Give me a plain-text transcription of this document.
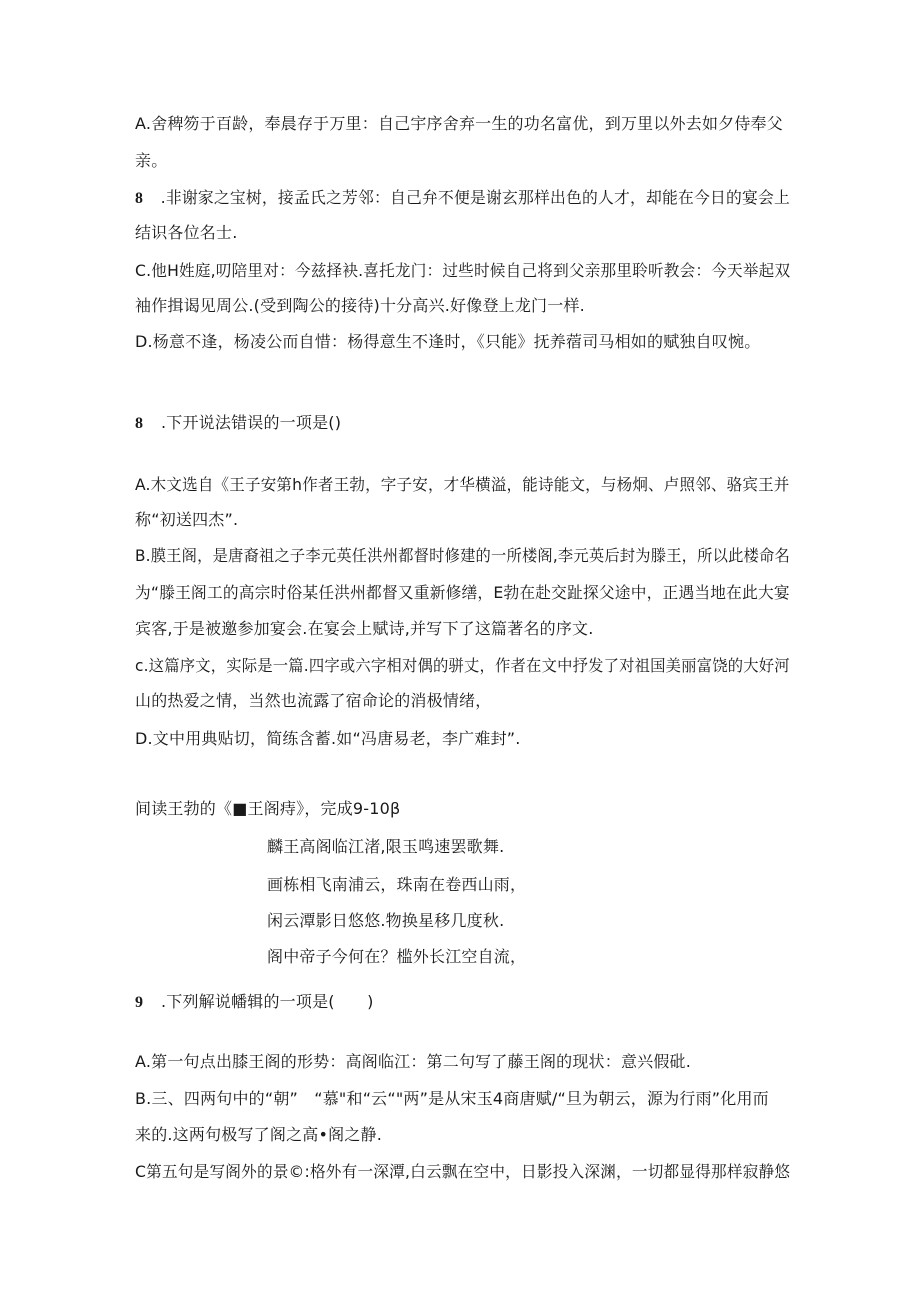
A.舍稗笏于百龄，奉晨存于万里：自己宇序舍弃一生的功名富优，到万里以外去如夕侍奉父
亲。
8 .非谢家之宝树，接孟氏之芳邻：自己弁不便是谢玄那样出色的人才，却能在今日的宴会上
结识各位名士.
C.他H姓庭,叨陪里对：今兹择袂.喜托龙门：过些时候自己将到父亲那里聆听教会：今天举起双
袖作揖谒见周公.(受到陶公的接待)十分高兴.好像登上龙门一样.
D.杨意不逢，杨凌公而自惜：杨得意生不逢时，《只能》抚养蓿司马相如的赋独自叹惋。
8 .下开说法错误的一项是()
A.木文选自《王子安第h作者王勃，字子安，才华横溢，能诗能文，与杨炯、卢照邻、骆宾王并
称“初送四杰”.
B.膜王阁，是唐裔祖之子李元英任洪州都督时修建的一所楼阁,李元英后封为滕王，所以此楼命名
为“滕王阁工的高宗时俗某任洪州都督又重新修缮，E勃在赴交趾探父途中，正遇当地在此大宴
宾客,于是被邀参加宴会.在宴会上赋诗,并写下了这篇著名的序文.
c.这篇序文，实际是一篇.四字或六字相对偶的骈丈，作者在文中抒发了对祖国美丽富饶的大好河
山的热爱之情，当然也流露了宿命论的消极情绪，
D.文中用典贴切，简练含蓄.如“冯唐易老，李广难封”.
间读王勃的《■王阁痔》，完成9-10β
麟王高阁临江渚,限玉鸣速罢歌舞.
画栋相飞南浦云，珠南在卷西山雨，
闲云潭影日悠悠.物换星移几度秋.
阁中帝子今何在？槛外长江空自流，
9 .下列解说幡辑的一项是(　　)
A.第一句点出膝王阁的形势：高阁临江：第二句写了藤王阁的现状：意兴假砒.
B.三、四两句中的“朝”　“慕"和“云“"两”是从宋玉4商唐赋/“旦为朝云，源为行雨”化用而
来的.这两句极写了阁之高•阁之静.
C第五句是写阁外的景©:格外有一深潭,白云飘在空中，日影投入深渊，一切都显得那样寂静悠
